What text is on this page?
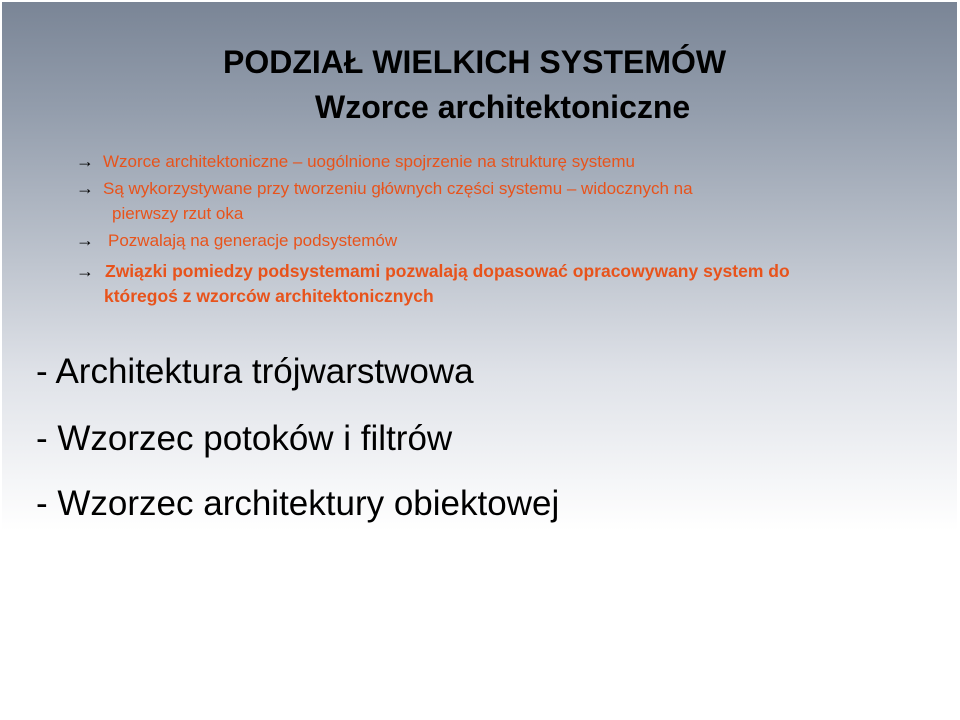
PODZIAŁ WIELKICH SYSTEMÓW
Wzorce architektoniczne
→ Wzorce architektoniczne – uogólnione spojrzenie na strukturę systemu
→ Są wykorzystywane przy tworzeniu głównych części systemu – widocznych na
pierwszy rzut oka
→ Pozwalają na generacje podsystemów
→ Związki pomiedzy podsystemami pozwalają dopasować opracowywany system do
któregoś z wzorców architektonicznych
- Architektura trójwarstwowa
- Wzorzec potoków i filtrów
- Wzorzec architektury obiektowej
